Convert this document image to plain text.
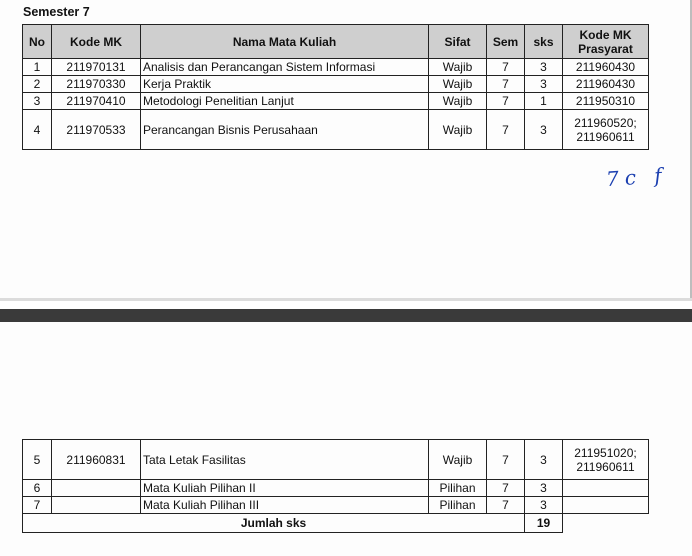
Semester 7
No	Kode MK	Nama Mata Kuliah	Sifat	Sem	sks	Kode MK Prasyarat
1	211970131	Analisis dan Perancangan Sistem Informasi	Wajib	7	3	211960430
2	211970330	Kerja Praktik	Wajib	7	3	211960430
3	211970410	Metodologi Penelitian Lanjut	Wajib	7	1	211950310
4	211970533	Perancangan Bisnis Perusahaan	Wajib	7	3	211960520; 211960611
7c f
5	211960831	Tata Letak Fasilitas	Wajib	7	3	211951020; 211960611
6		Mata Kuliah Pilihan II	Pilihan	7	3	
7		Mata Kuliah Pilihan III	Pilihan	7	3	
Jumlah sks					19	
